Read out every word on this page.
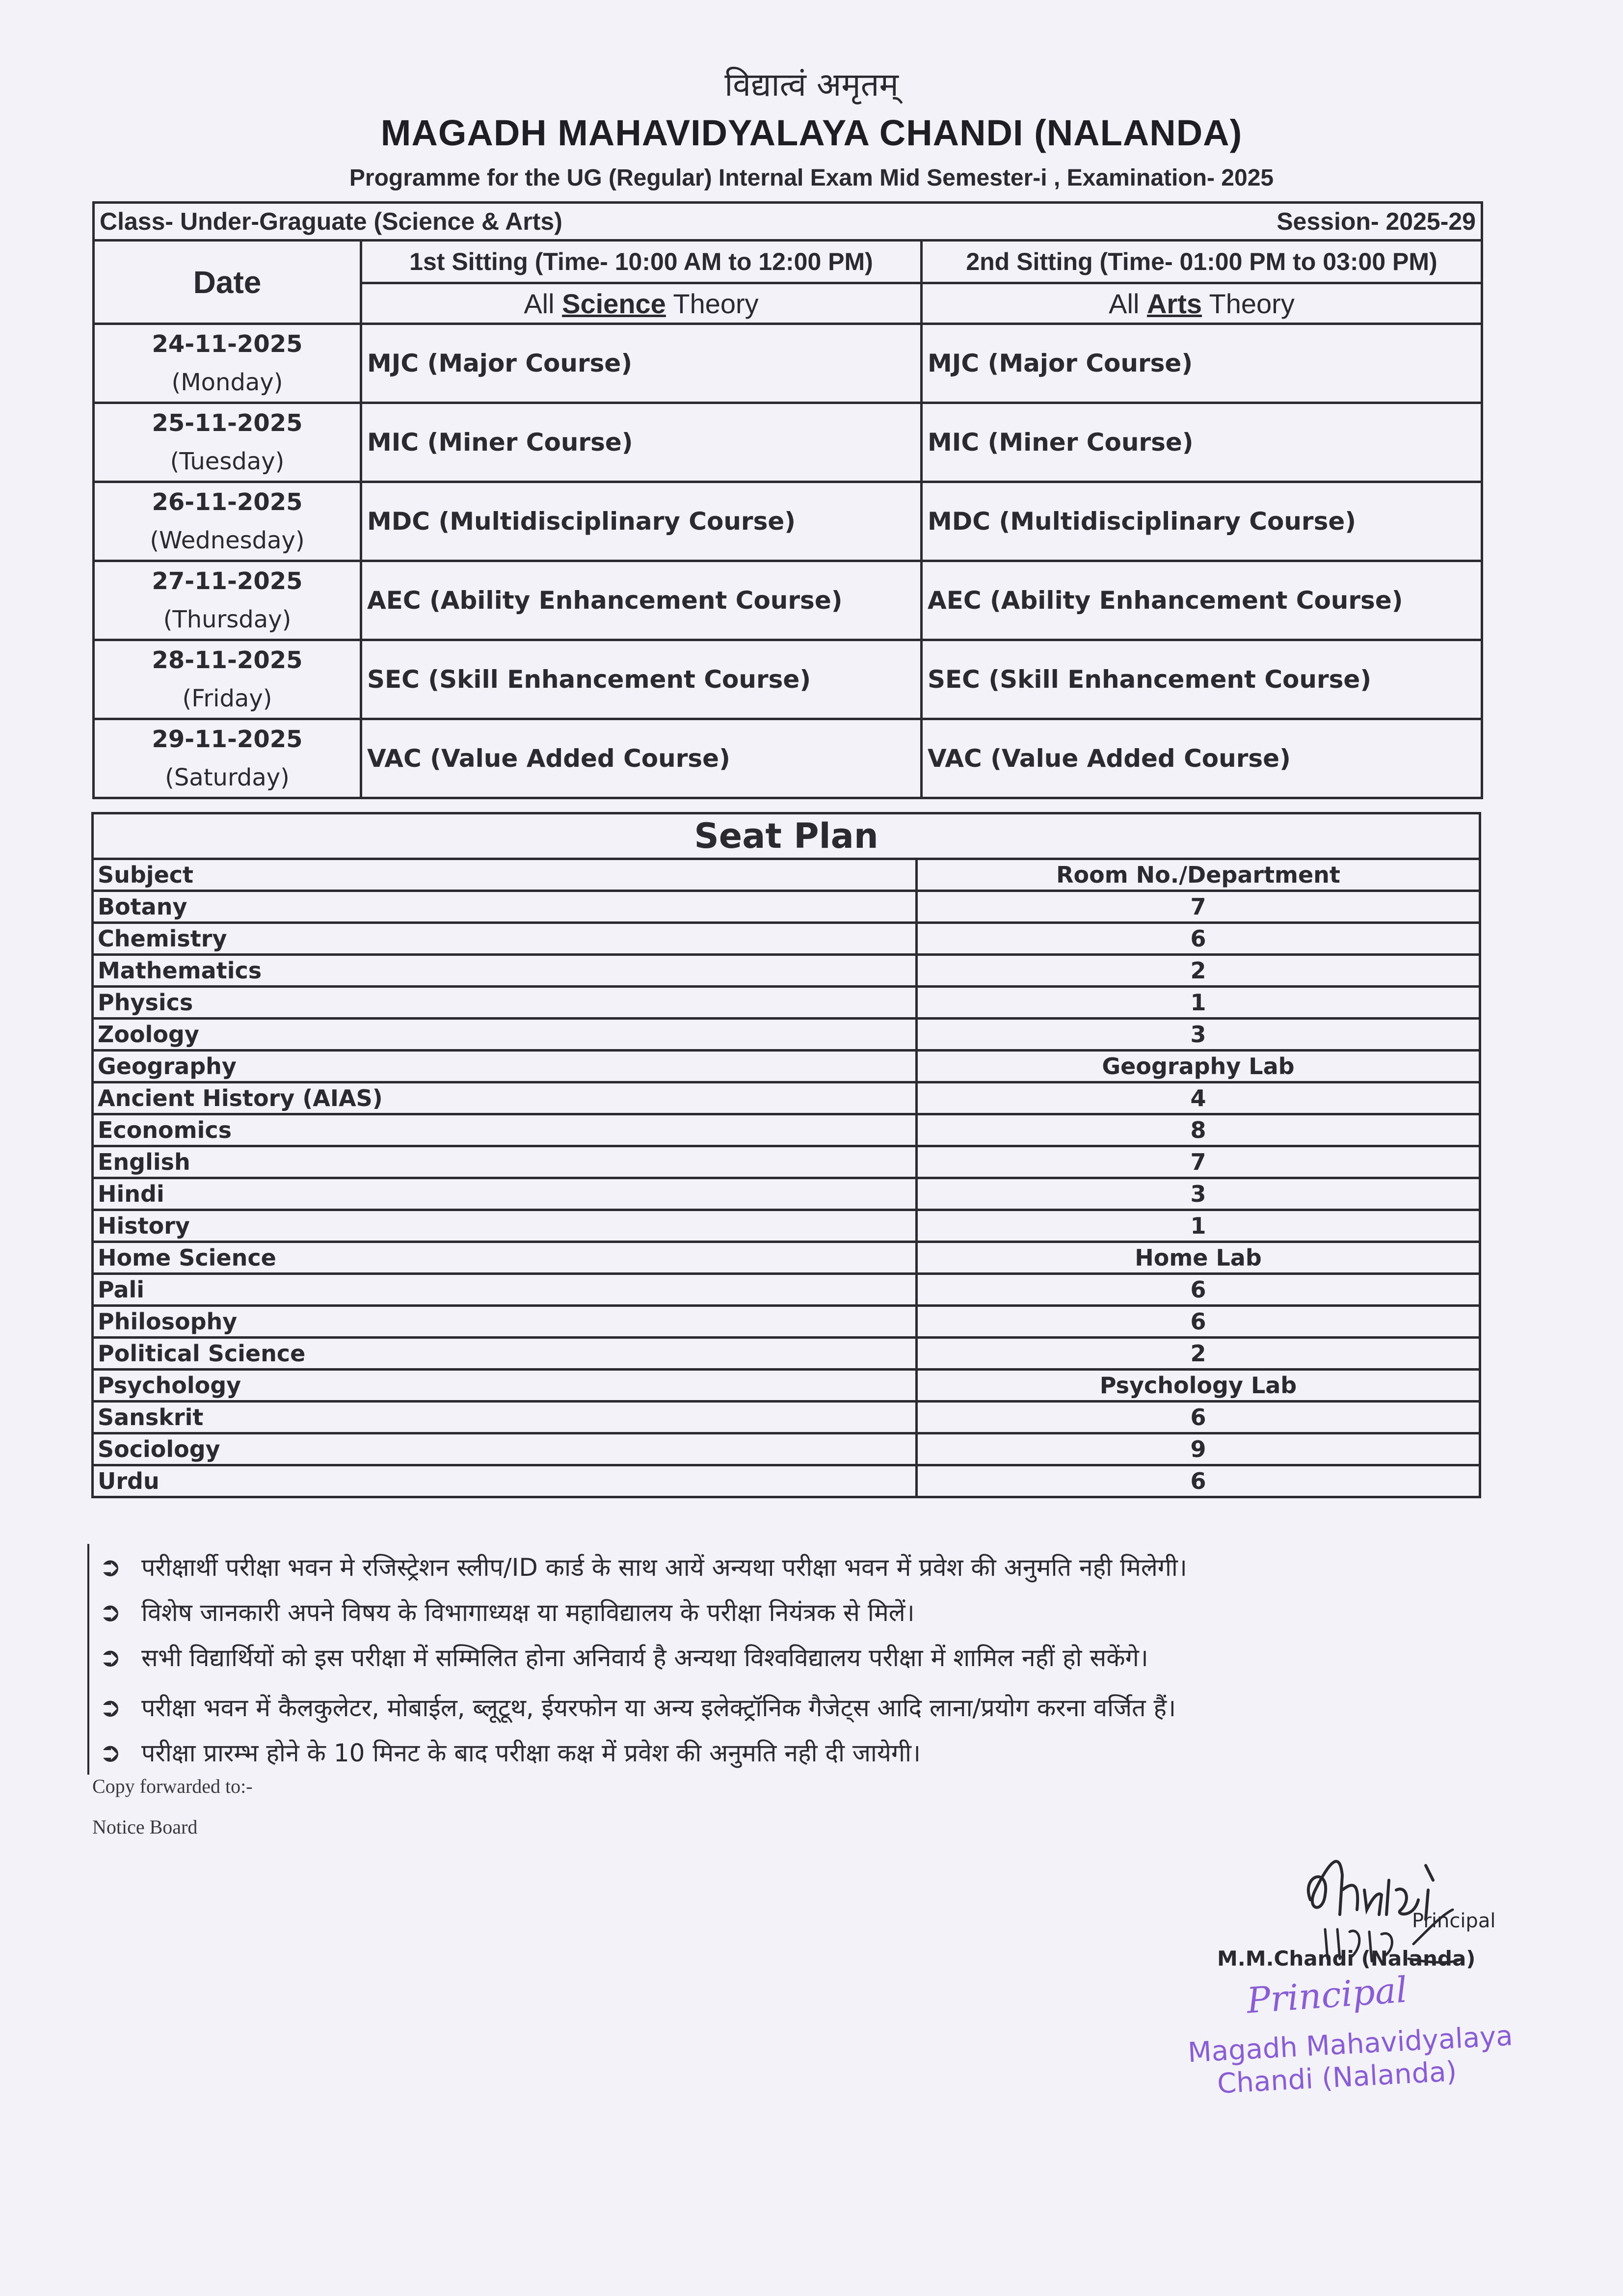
विद्यात्वं अमृतम्
MAGADH MAHAVIDYALAYA CHANDI (NALANDA)
Programme for the UG (Regular) Internal Exam Mid Semester-i , Examination- 2025
Class- Under-Graguate (Science & Arts) Session- 2025-29		

Date	1st Sitting (Time- 10:00 AM to 12:00 PM)	2nd Sitting (Time- 01:00 PM to 03:00 PM)
	All Science Theory	All Arts Theory
24-11-2025
(Monday)	MJC (Major Course)	MJC (Major Course)
25-11-2025
(Tuesday)	MIC (Miner Course)	MIC (Miner Course)
26-11-2025
(Wednesday)	MDC (Multidisciplinary Course)	MDC (Multidisciplinary Course)
27-11-2025
(Thursday)	AEC (Ability Enhancement Course)	AEC (Ability Enhancement Course)
28-11-2025
(Friday)	SEC (Skill Enhancement Course)	SEC (Skill Enhancement Course)
29-11-2025
(Saturday)	VAC (Value Added Course)	VAC (Value Added Course)
Seat Plan	
Subject	Room No./Department
Botany	7
Chemistry	6
Mathematics	2
Physics	1
Zoology	3
Geography	Geography Lab
Ancient History (AIAS)	4
Economics	8
English	7
Hindi	3
History	1
Home Science	Home Lab
Pali	6
Philosophy	6
Political Science	2
Psychology	Psychology Lab
Sanskrit	6
Sociology	9
Urdu	6
➲ परीक्षार्थी परीक्षा भवन मे रजिस्ट्रेशन स्लीप/ID कार्ड के साथ आयें अन्यथा परीक्षा भवन में प्रवेश की अनुमति नही मिलेगी।
➲ विशेष जानकारी अपने विषय के विभागाध्यक्ष या महाविद्यालय के परीक्षा नियंत्रक से मिलें।
➲ सभी विद्यार्थियों को इस परीक्षा में सम्मिलित होना अनिवार्य है अन्यथा विश्वविद्यालय परीक्षा में शामिल नहीं हो सकेंगे।
➲ परीक्षा भवन में कैलकुलेटर, मोबाईल, ब्लूटूथ, ईयरफोन या अन्य इलेक्ट्रॉनिक गैजेट्स आदि लाना/प्रयोग करना वर्जित हैं।
➲ परीक्षा प्रारम्भ होने के 10 मिनट के बाद परीक्षा कक्ष में प्रवेश की अनुमति नही दी जायेगी।
Copy forwarded to:-
Notice Board
Principal
M.M.Chandi (Nalanda)
Principal
Magadh Mahavidyalaya
Chandi (Nalanda)
